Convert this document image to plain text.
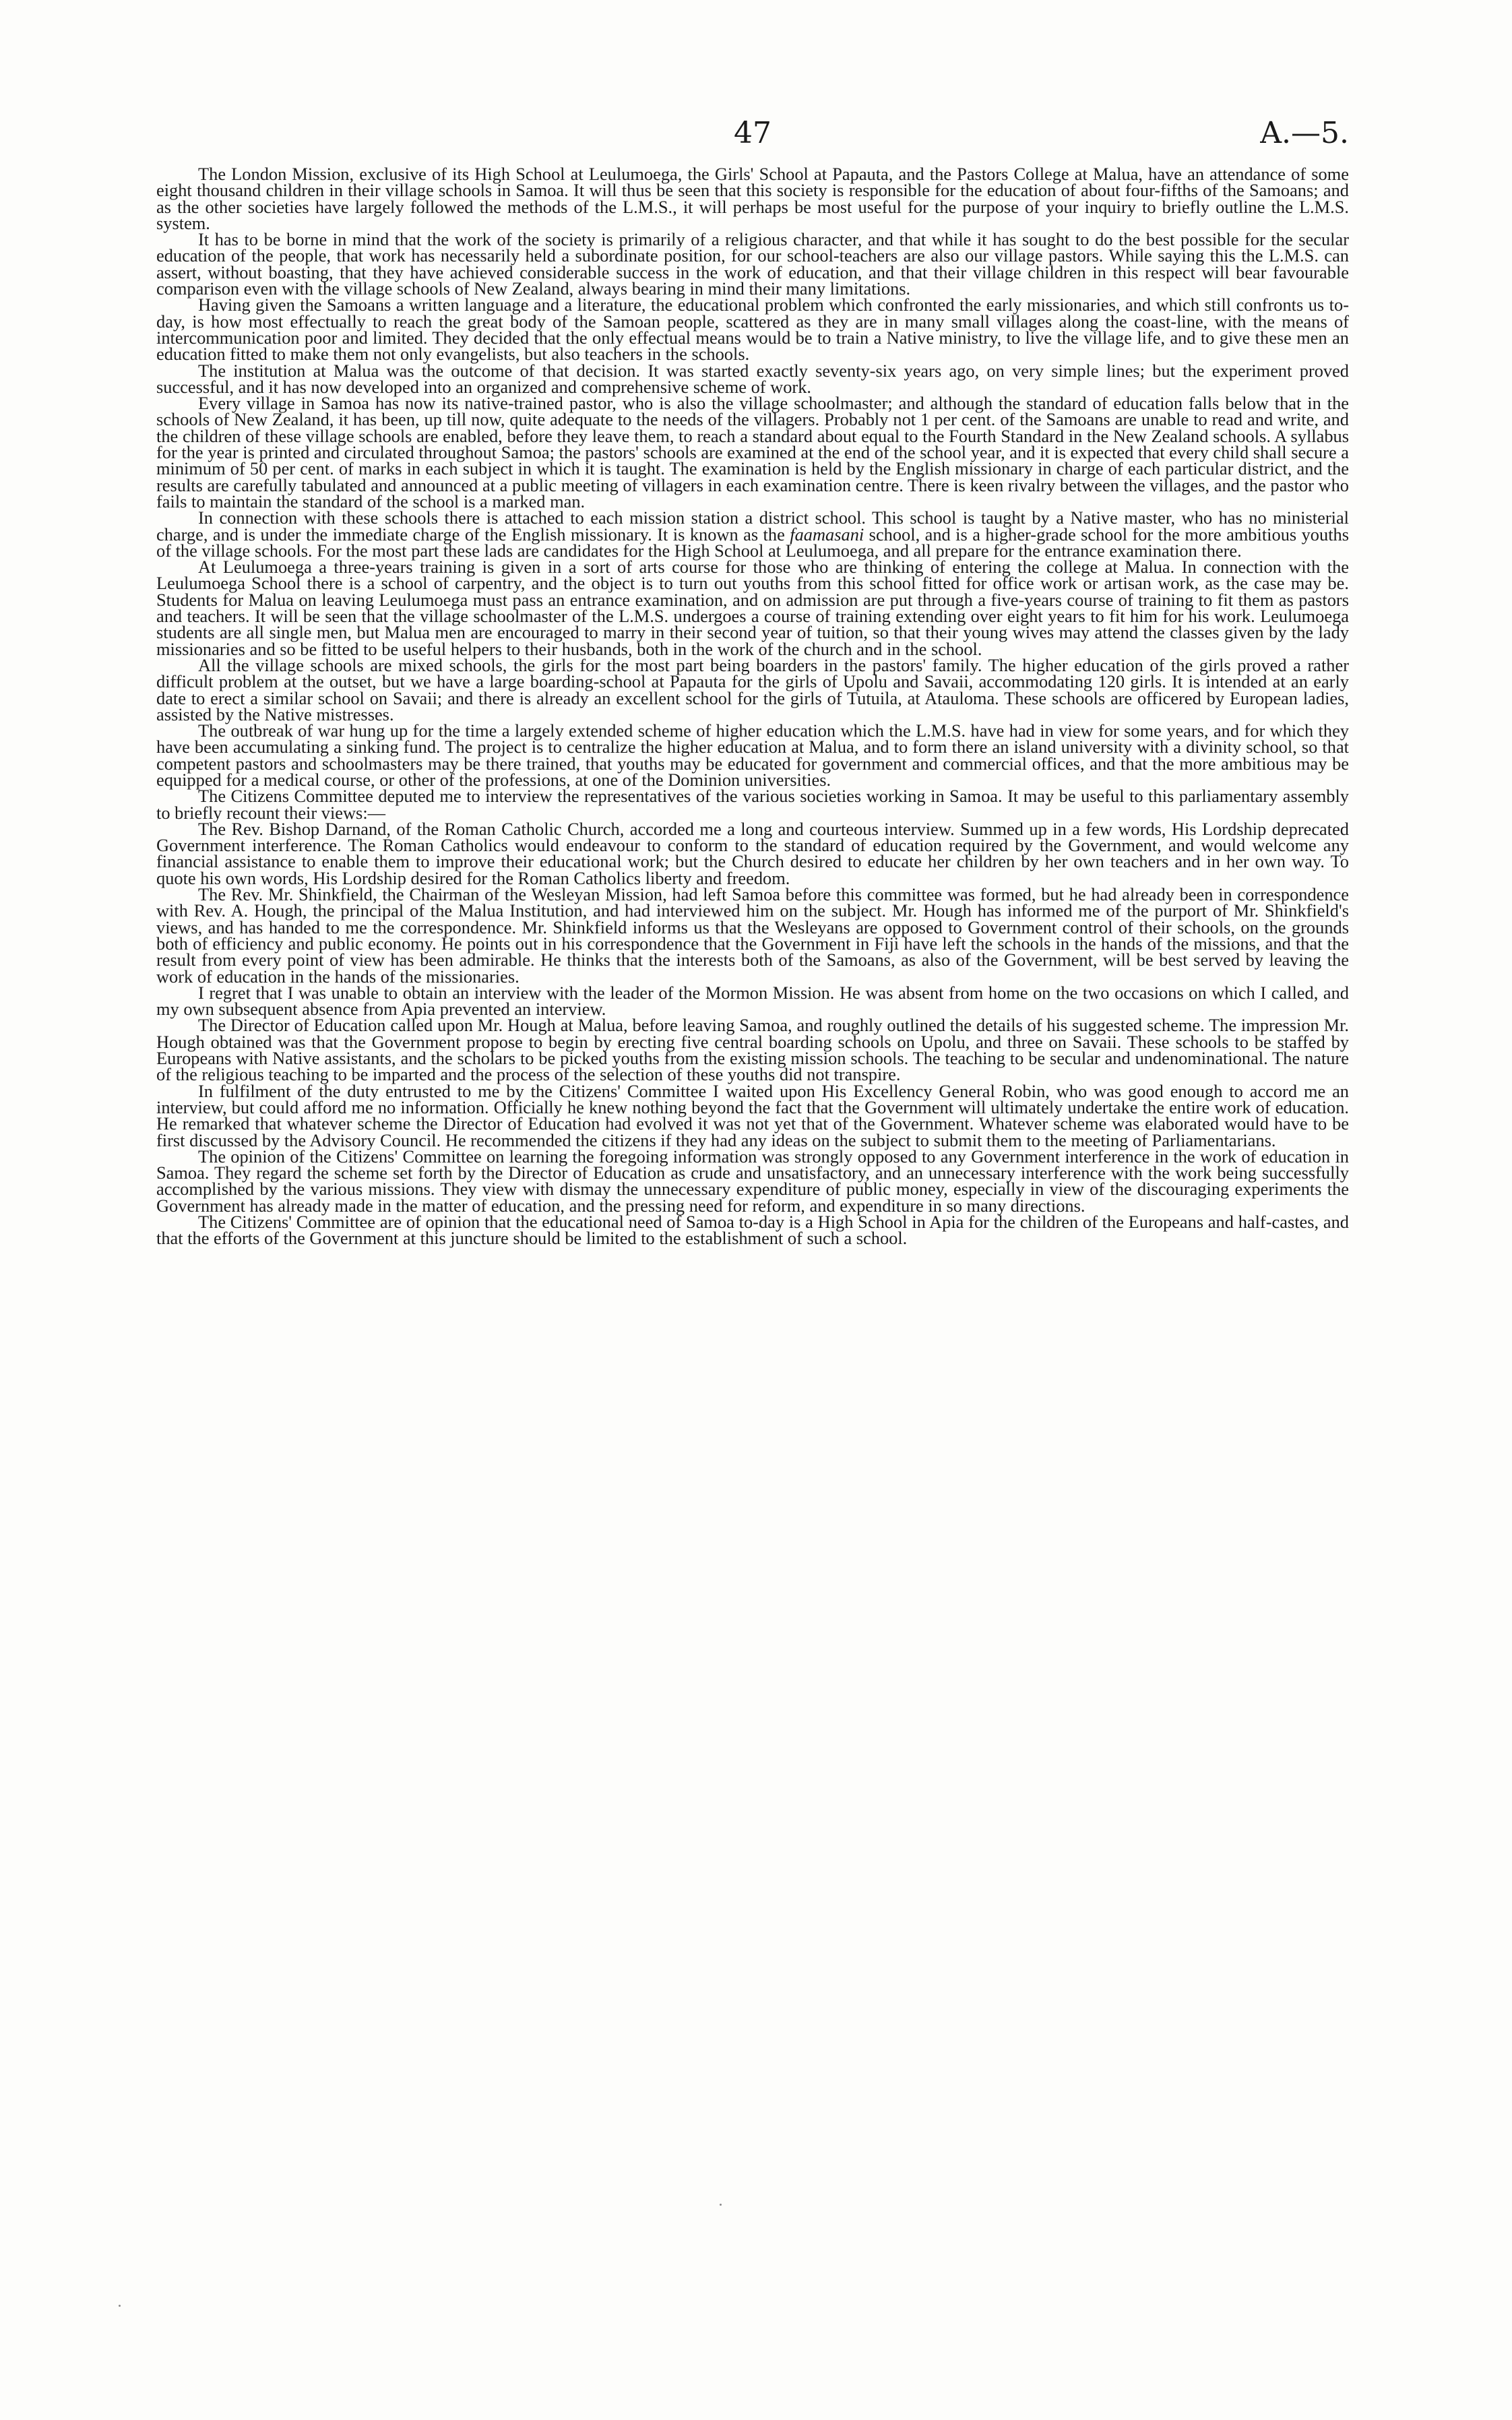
47	A.—5.

The London Mission, exclusive of its High School at Leulumoega, the Girls' School at Papauta, and the Pastors College at Malua, have an attendance of some eight thousand children in their village schools in Samoa. It will thus be seen that this society is responsible for the education of about four-fifths of the Samoans; and as the other societies have largely followed the methods of the L.M.S., it will perhaps be most useful for the purpose of your inquiry to briefly outline the L.M.S. system.

It has to be borne in mind that the work of the society is primarily of a religious character, and that while it has sought to do the best possible for the secular education of the people, that work has necessarily held a subordinate position, for our school-teachers are also our village pastors. While saying this the L.M.S. can assert, without boasting, that they have achieved considerable success in the work of education, and that their village children in this respect will bear favourable comparison even with the village schools of New Zealand, always bearing in mind their many limitations.

Having given the Samoans a written language and a literature, the educational problem which confronted the early missionaries, and which still confronts us to-day, is how most effectually to reach the great body of the Samoan people, scattered as they are in many small villages along the coast-line, with the means of intercommunication poor and limited. They decided that the only effectual means would be to train a Native ministry, to live the village life, and to give these men an education fitted to make them not only evangelists, but also teachers in the schools.

The institution at Malua was the outcome of that decision. It was started exactly seventy-six years ago, on very simple lines; but the experiment proved successful, and it has now developed into an organized and comprehensive scheme of work.

Every village in Samoa has now its native-trained pastor, who is also the village schoolmaster; and although the standard of education falls below that in the schools of New Zealand, it has been, up till now, quite adequate to the needs of the villagers. Probably not 1 per cent. of the Samoans are unable to read and write, and the children of these village schools are enabled, before they leave them, to reach a standard about equal to the Fourth Standard in the New Zealand schools. A syllabus for the year is printed and circulated throughout Samoa; the pastors' schools are examined at the end of the school year, and it is expected that every child shall secure a minimum of 50 per cent. of marks in each subject in which it is taught. The examination is held by the English missionary in charge of each particular district, and the results are carefully tabulated and announced at a public meeting of villagers in each examination centre. There is keen rivalry between the villages, and the pastor who fails to maintain the standard of the school is a marked man.

In connection with these schools there is attached to each mission station a district school. This school is taught by a Native master, who has no ministerial charge, and is under the immediate charge of the English missionary. It is known as the faamasani school, and is a higher-grade school for the more ambitious youths of the village schools. For the most part these lads are candidates for the High School at Leulumoega, and all prepare for the entrance examination there.

At Leulumoega a three-years training is given in a sort of arts course for those who are thinking of entering the college at Malua. In connection with the Leulumoega School there is a school of carpentry, and the object is to turn out youths from this school fitted for office work or artisan work, as the case may be. Students for Malua on leaving Leulumoega must pass an entrance examination, and on admission are put through a five-years course of training to fit them as pastors and teachers. It will be seen that the village schoolmaster of the L.M.S. undergoes a course of training extending over eight years to fit him for his work. Leulumoega students are all single men, but Malua men are encouraged to marry in their second year of tuition, so that their young wives may attend the classes given by the lady missionaries and so be fitted to be useful helpers to their husbands, both in the work of the church and in the school.

All the village schools are mixed schools, the girls for the most part being boarders in the pastors' family. The higher education of the girls proved a rather difficult problem at the outset, but we have a large boarding-school at Papauta for the girls of Upolu and Savaii, accommodating 120 girls. It is intended at an early date to erect a similar school on Savaii; and there is already an excellent school for the girls of Tutuila, at Atauloma. These schools are officered by European ladies, assisted by the Native mistresses.

The outbreak of war hung up for the time a largely extended scheme of higher education which the L.M.S. have had in view for some years, and for which they have been accumulating a sinking fund. The project is to centralize the higher education at Malua, and to form there an island university with a divinity school, so that competent pastors and schoolmasters may be there trained, that youths may be educated for government and commercial offices, and that the more ambitious may be equipped for a medical course, or other of the professions, at one of the Dominion universities.

The Citizens Committee deputed me to interview the representatives of the various societies working in Samoa. It may be useful to this parliamentary assembly to briefly recount their views:—

The Rev. Bishop Darnand, of the Roman Catholic Church, accorded me a long and courteous interview. Summed up in a few words, His Lordship deprecated Government interference. The Roman Catholics would endeavour to conform to the standard of education required by the Government, and would welcome any financial assistance to enable them to improve their educational work; but the Church desired to educate her children by her own teachers and in her own way. To quote his own words, His Lordship desired for the Roman Catholics liberty and freedom.

The Rev. Mr. Shinkfield, the Chairman of the Wesleyan Mission, had left Samoa before this committee was formed, but he had already been in correspondence with Rev. A. Hough, the principal of the Malua Institution, and had interviewed him on the subject. Mr. Hough has informed me of the purport of Mr. Shinkfield's views, and has handed to me the correspondence. Mr. Shinkfield informs us that the Wesleyans are opposed to Government control of their schools, on the grounds both of efficiency and public economy. He points out in his correspondence that the Government in Fiji have left the schools in the hands of the missions, and that the result from every point of view has been admirable. He thinks that the interests both of the Samoans, as also of the Government, will be best served by leaving the work of education in the hands of the missionaries.

I regret that I was unable to obtain an interview with the leader of the Mormon Mission. He was absent from home on the two occasions on which I called, and my own subsequent absence from Apia prevented an interview.

The Director of Education called upon Mr. Hough at Malua, before leaving Samoa, and roughly outlined the details of his suggested scheme. The impression Mr. Hough obtained was that the Government propose to begin by erecting five central boarding schools on Upolu, and three on Savaii. These schools to be staffed by Europeans with Native assistants, and the scholars to be picked youths from the existing mission schools. The teaching to be secular and undenominational. The nature of the religious teaching to be imparted and the process of the selection of these youths did not transpire.

In fulfilment of the duty entrusted to me by the Citizens' Committee I waited upon His Excellency General Robin, who was good enough to accord me an interview, but could afford me no information. Officially he knew nothing beyond the fact that the Government will ultimately undertake the entire work of education. He remarked that whatever scheme the Director of Education had evolved it was not yet that of the Government. Whatever scheme was elaborated would have to be first discussed by the Advisory Council. He recommended the citizens if they had any ideas on the subject to submit them to the meeting of Parliamentarians.

The opinion of the Citizens' Committee on learning the foregoing information was strongly opposed to any Government interference in the work of education in Samoa. They regard the scheme set forth by the Director of Education as crude and unsatisfactory, and an unnecessary interference with the work being successfully accomplished by the various missions. They view with dismay the unnecessary expenditure of public money, especially in view of the discouraging experiments the Government has already made in the matter of education, and the pressing need for reform, and expenditure in so many directions.

The Citizens' Committee are of opinion that the educational need of Samoa to-day is a High School in Apia for the children of the Europeans and half-castes, and that the efforts of the Government at this juncture should be limited to the establishment of such a school.
